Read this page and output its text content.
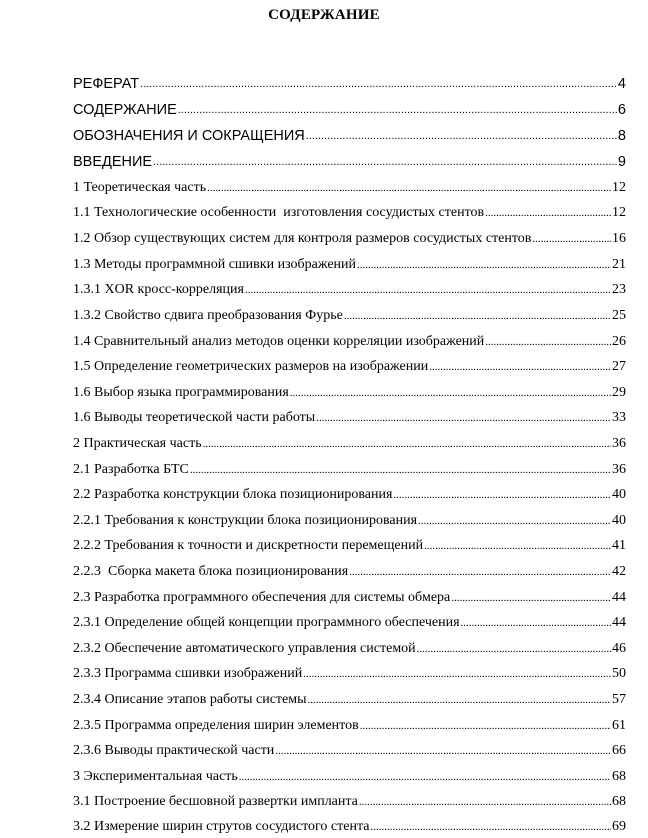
СОДЕРЖАНИЕ
РЕФЕРАТ .....	4
СОДЕРЖАНИЕ .....	6
ОБОЗНАЧЕНИЯ И СОКРАЩЕНИЯ .....	8
ВВЕДЕНИЕ .....	9
1 Теоретическая часть .....	12
1.1 Технологические особенности  изготовления сосудистых стентов .....	12
1.2 Обзор существующих систем для контроля размеров сосудистых стентов .....	16
1.3 Методы программной сшивки изображений .....	21
1.3.1 XOR кросс-корреляция .....	23
1.3.2 Свойство сдвига преобразования Фурье .....	25
1.4 Сравнительный анализ методов оценки корреляции изображений .....	26
1.5 Определение геометрических размеров на изображении .....	27
1.6 Выбор языка программирования .....	29
1.6 Выводы теоретической части работы .....	33
2 Практическая часть .....	36
2.1 Разработка БТС .....	36
2.2 Разработка конструкции блока позиционирования .....	40
2.2.1 Требования к конструкции блока позиционирования .....	40
2.2.2 Требования к точности и дискретности перемещений .....	41
2.2.3  Сборка макета блока позиционирования .....	42
2.3 Разработка программного обеспечения для системы обмера .....	44
2.3.1 Определение общей концепции программного обеспечения .....	44
2.3.2 Обеспечение автоматического управления системой .....	46
2.3.3 Программа сшивки изображений .....	50
2.3.4 Описание этапов работы системы .....	57
2.3.5 Программа определения ширин элементов .....	61
2.3.6 Выводы практической части .....	66
3 Экспериментальная часть .....	68
3.1 Построение бесшовной развертки импланта .....	68
3.2 Измерение ширин струтов сосудистого стента .....	69
